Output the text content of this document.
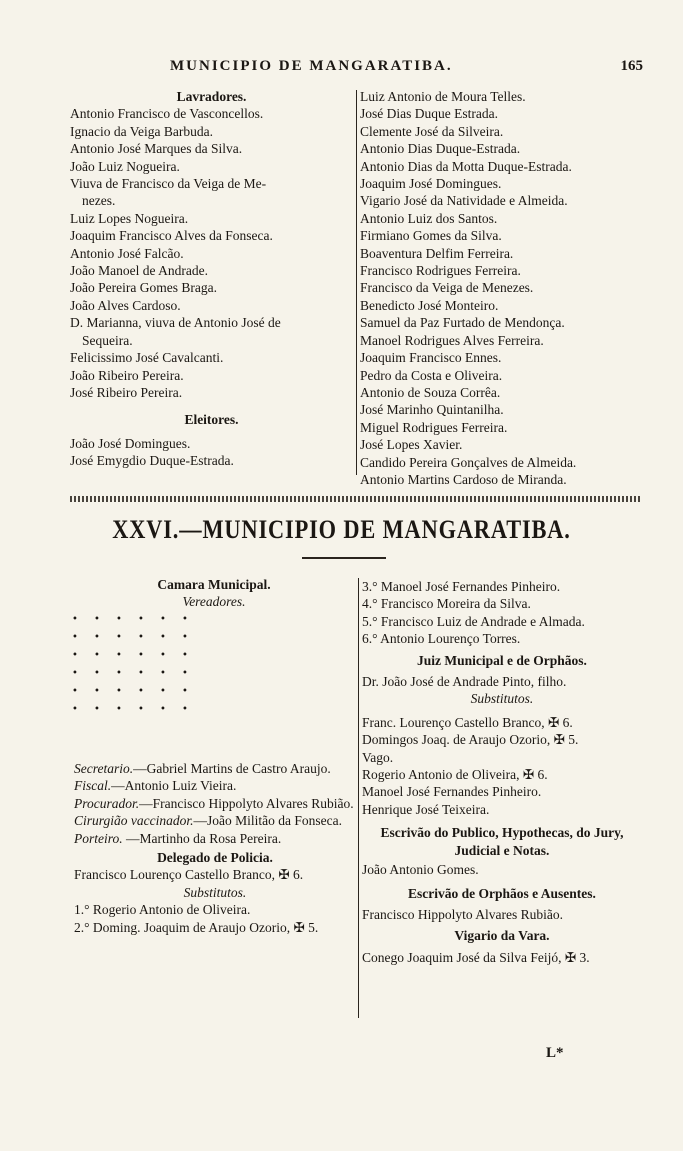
MUNICIPIO DE MANGARATIBA.	165

Lavradores.

Antonio Francisco de Vasconcellos.

Ignacio da Veiga Barbuda.

Antonio José Marques da Silva.

João Luiz Nogueira.

Viuva de Francisco da Veiga de Me-

nezes.

Luiz Lopes Nogueira.

Joaquim Francisco Alves da Fonseca.

Antonio José Falcão.

João Manoel de Andrade.

João Pereira Gomes Braga.

João Alves Cardoso.

D. Marianna, viuva de Antonio José de

Sequeira.

Felicissimo José Cavalcanti.

João Ribeiro Pereira.

José Ribeiro Pereira.

Eleitores.

João José Domingues.

José Emygdio Duque-Estrada.

Luiz Antonio de Moura Telles.

José Dias Duque Estrada.

Clemente José da Silveira.

Antonio Dias Duque-Estrada.

Antonio Dias da Motta Duque-Estrada.

Joaquim José Domingues.

Vigario José da Natividade e Almeida.

Antonio Luiz dos Santos.

Firmiano Gomes da Silva.

Boaventura Delfim Ferreira.

Francisco Rodrigues Ferreira.

Francisco da Veiga de Menezes.

Benedicto José Monteiro.

Samuel da Paz Furtado de Mendonça.

Manoel Rodrigues Alves Ferreira.

Joaquim Francisco Ennes.

Pedro da Costa e Oliveira.

Antonio de Souza Corrêa.

José Marinho Quintanilha.

Miguel Rodrigues Ferreira.

José Lopes Xavier.

Candido Pereira Gonçalves de Almeida.

Antonio Martins Cardoso de Miranda.

XXVI.—MUNICIPIO DE MANGARATIBA.

Camara Municipal.

Vereadores.

• • • • • •
• • • • • •
• • • • • •
• • • • • •
• • • • • •
• • • • • •

Secretario.—Gabriel Martins de Castro Araujo.

Fiscal.—Antonio Luiz Vieira.

Procurador.—Francisco Hippolyto Alvares Rubião.

Cirurgião vaccinador.—João Militão da Fonseca.

Porteiro. —Martinho da Rosa Pereira.

Delegado de Policia.

Francisco Lourenço Castello Branco, ✠ 6.

Substitutos.

1.° Rogerio Antonio de Oliveira.

2.° Doming. Joaquim de Araujo Ozorio, ✠ 5.

3.° Manoel José Fernandes Pinheiro.

4.° Francisco Moreira da Silva.

5.° Francisco Luiz de Andrade e Almada.

6.° Antonio Lourenço Torres.

Juiz Municipal e de Orphãos.

Dr. João José de Andrade Pinto, filho.

Substitutos.

Franc. Lourenço Castello Branco, ✠ 6.

Domingos Joaq. de Araujo Ozorio, ✠ 5.

Vago.

Rogerio Antonio de Oliveira, ✠ 6.

Manoel José Fernandes Pinheiro.

Henrique José Teixeira.

Escrivão do Publico, Hypothecas, do Jury, Judicial e Notas.

João Antonio Gomes.

Escrivão de Orphãos e Ausentes.

Francisco Hippolyto Alvares Rubião.

Vigario da Vara.

Conego Joaquim José da Silva Feijó, ✠ 3.

L*
